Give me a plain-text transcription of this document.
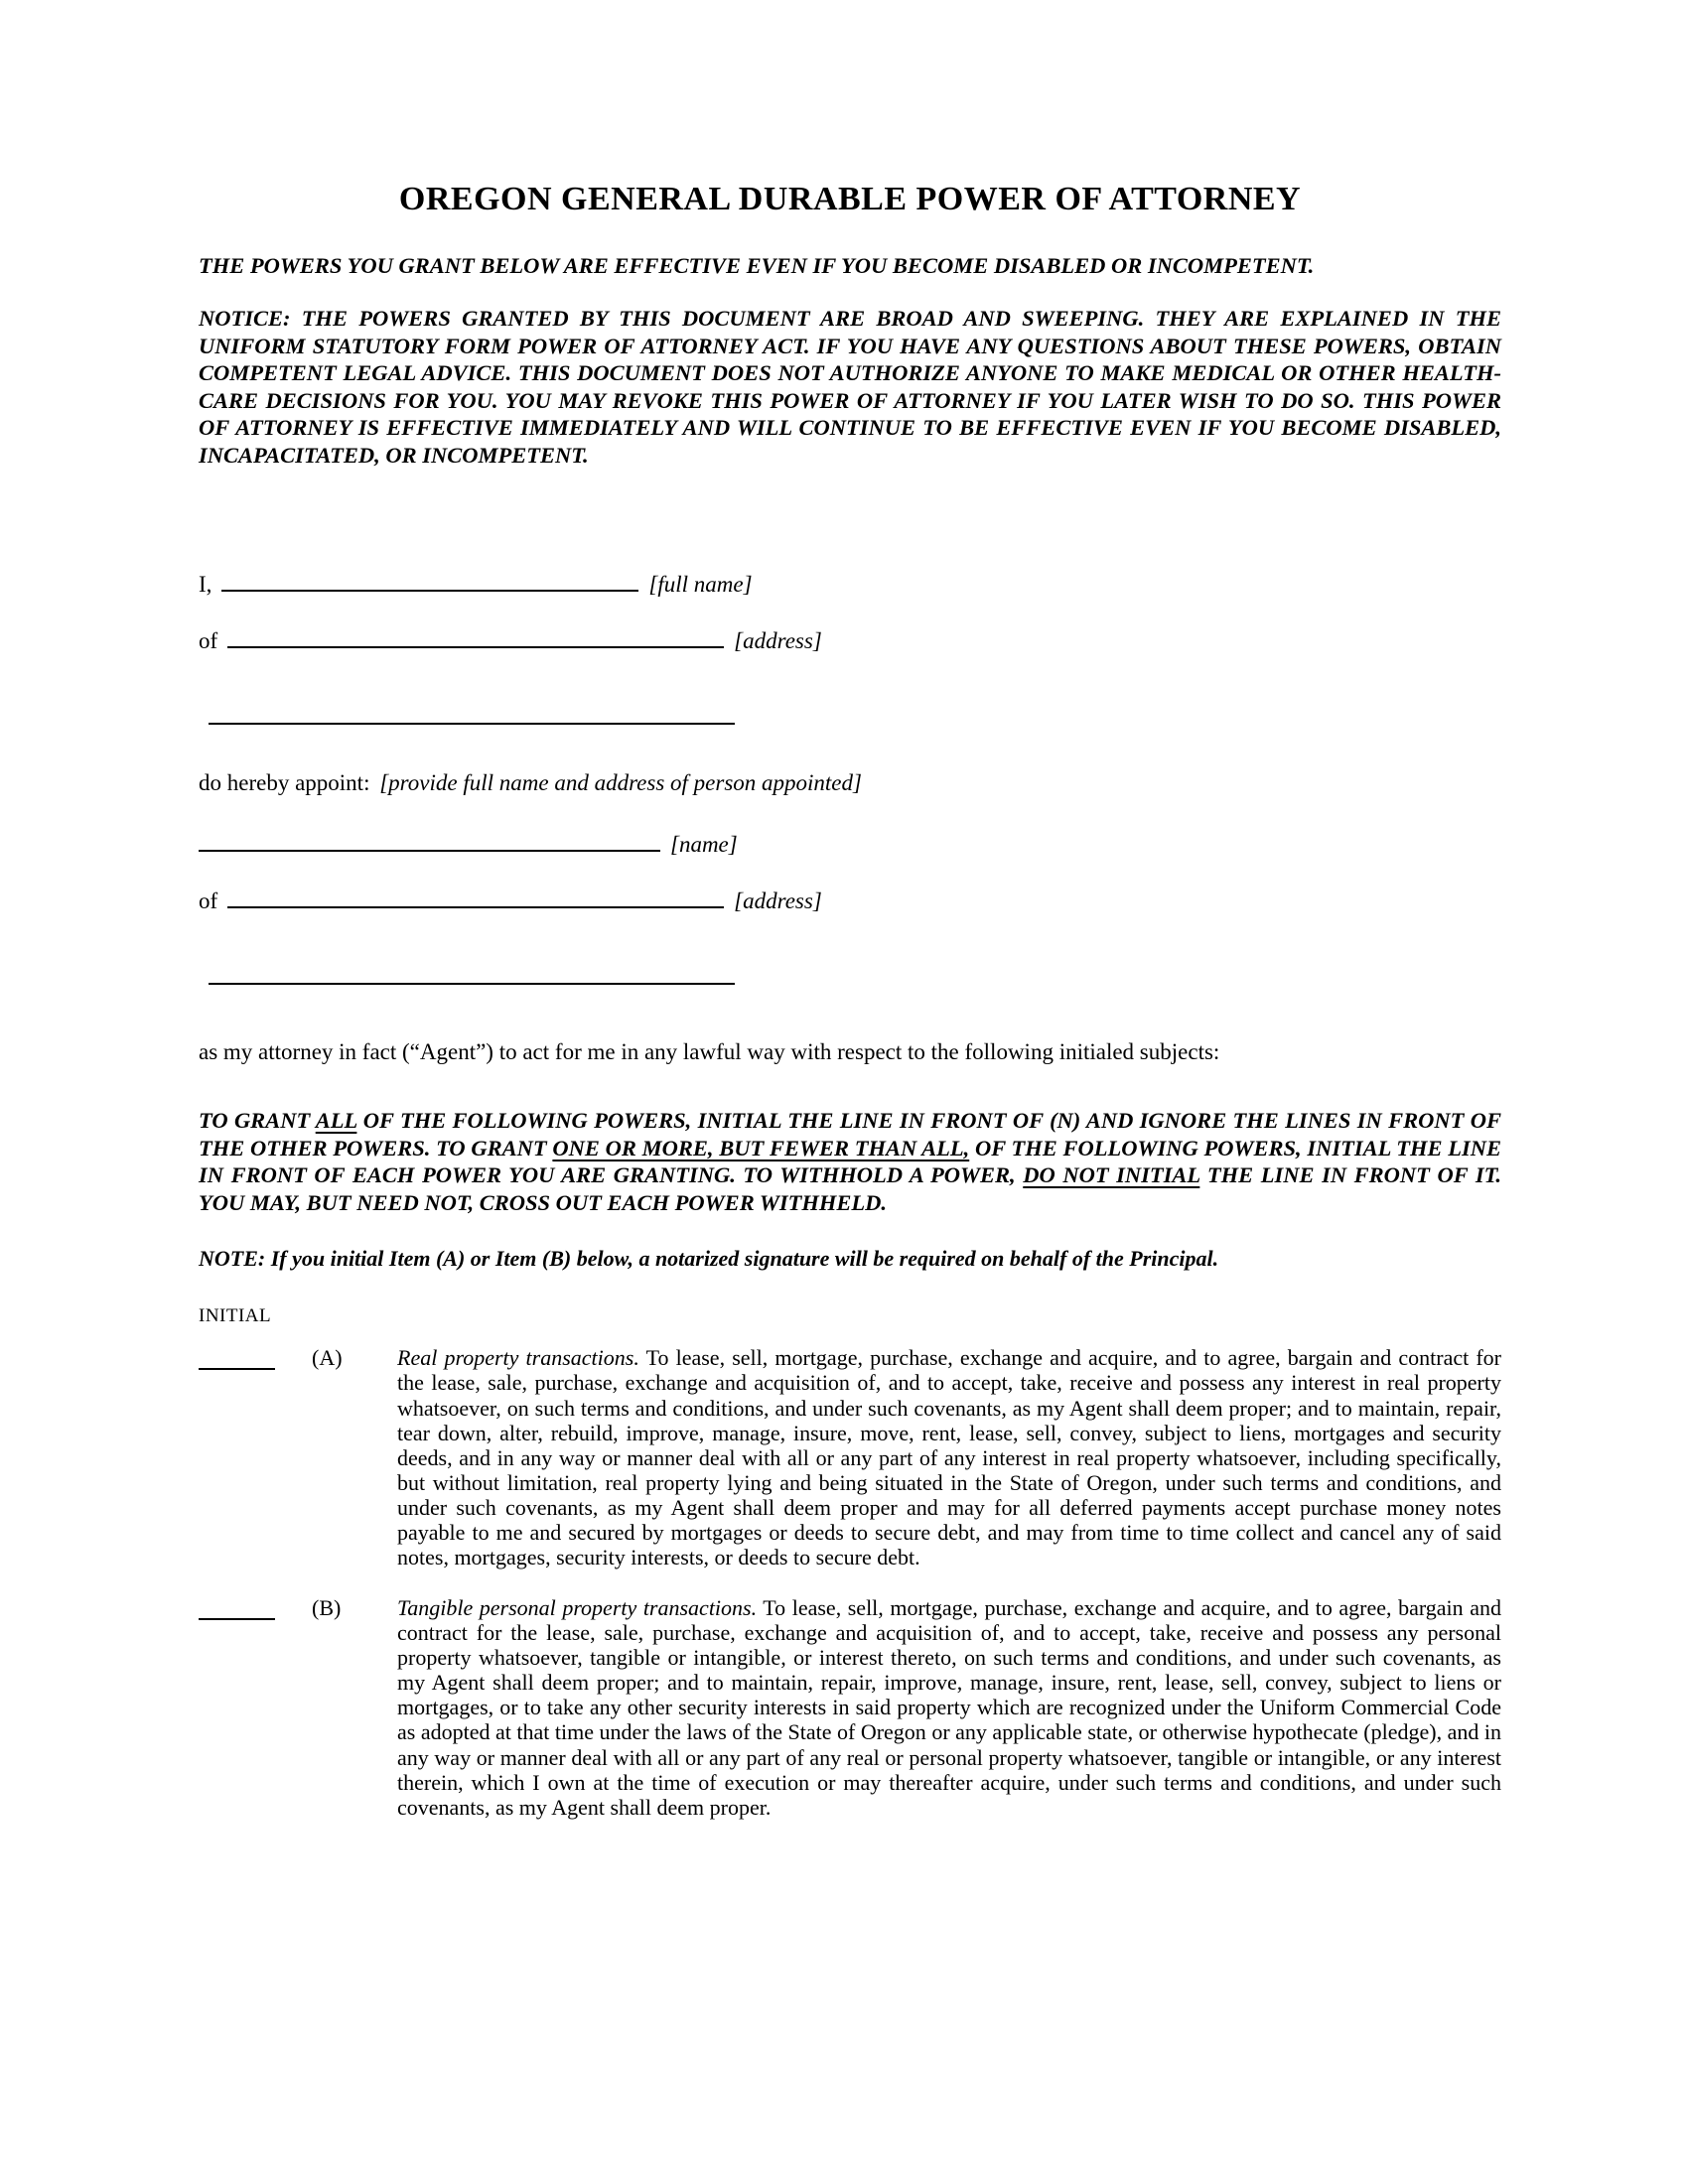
OREGON GENERAL DURABLE POWER OF ATTORNEY

THE POWERS YOU GRANT BELOW ARE EFFECTIVE EVEN IF YOU BECOME DISABLED OR INCOMPETENT.

NOTICE: THE POWERS GRANTED BY THIS DOCUMENT ARE BROAD AND SWEEPING. THEY ARE EXPLAINED IN THE UNIFORM STATUTORY FORM POWER OF ATTORNEY ACT. IF YOU HAVE ANY QUESTIONS ABOUT THESE POWERS, OBTAIN COMPETENT LEGAL ADVICE. THIS DOCUMENT DOES NOT AUTHORIZE ANYONE TO MAKE MEDICAL OR OTHER HEALTH-CARE DECISIONS FOR YOU. YOU MAY REVOKE THIS POWER OF ATTORNEY IF YOU LATER WISH TO DO SO. THIS POWER OF ATTORNEY IS EFFECTIVE IMMEDIATELY AND WILL CONTINUE TO BE EFFECTIVE EVEN IF YOU BECOME DISABLED, INCAPACITATED, OR INCOMPETENT.

I,	[full name]
of	[address]
do hereby appoint: [provide full name and address of person appointed]
[name]
of	[address]

as my attorney in fact (“Agent”) to act for me in any lawful way with respect to the following initialed subjects:

TO GRANT ALL OF THE FOLLOWING POWERS, INITIAL THE LINE IN FRONT OF (N) AND IGNORE THE LINES IN FRONT OF THE OTHER POWERS. TO GRANT ONE OR MORE, BUT FEWER THAN ALL, OF THE FOLLOWING POWERS, INITIAL THE LINE IN FRONT OF EACH POWER YOU ARE GRANTING. TO WITHHOLD A POWER, DO NOT INITIAL THE LINE IN FRONT OF IT. YOU MAY, BUT NEED NOT, CROSS OUT EACH POWER WITHHELD.

NOTE: If you initial Item (A) or Item (B) below, a notarized signature will be required on behalf of the Principal.

INITIAL
(A)	Real property transactions. To lease, sell, mortgage, purchase, exchange and acquire, and to agree, bargain and contract for the lease, sale, purchase, exchange and acquisition of, and to accept, take, receive and possess any interest in real property whatsoever, on such terms and conditions, and under such covenants, as my Agent shall deem proper; and to maintain, repair, tear down, alter, rebuild, improve, manage, insure, move, rent, lease, sell, convey, subject to liens, mortgages and security deeds, and in any way or manner deal with all or any part of any interest in real property whatsoever, including specifically, but without limitation, real property lying and being situated in the State of Oregon, under such terms and conditions, and under such covenants, as my Agent shall deem proper and may for all deferred payments accept purchase money notes payable to me and secured by mortgages or deeds to secure debt, and may from time to time collect and cancel any of said notes, mortgages, security interests, or deeds to secure debt.
(B)	Tangible personal property transactions. To lease, sell, mortgage, purchase, exchange and acquire, and to agree, bargain and contract for the lease, sale, purchase, exchange and acquisition of, and to accept, take, receive and possess any personal property whatsoever, tangible or intangible, or interest thereto, on such terms and conditions, and under such covenants, as my Agent shall deem proper; and to maintain, repair, improve, manage, insure, rent, lease, sell, convey, subject to liens or mortgages, or to take any other security interests in said property which are recognized under the Uniform Commercial Code as adopted at that time under the laws of the State of Oregon or any applicable state, or otherwise hypothecate (pledge), and in any way or manner deal with all or any part of any real or personal property whatsoever, tangible or intangible, or any interest therein, which I own at the time of execution or may thereafter acquire, under such terms and conditions, and under such covenants, as my Agent shall deem proper.
